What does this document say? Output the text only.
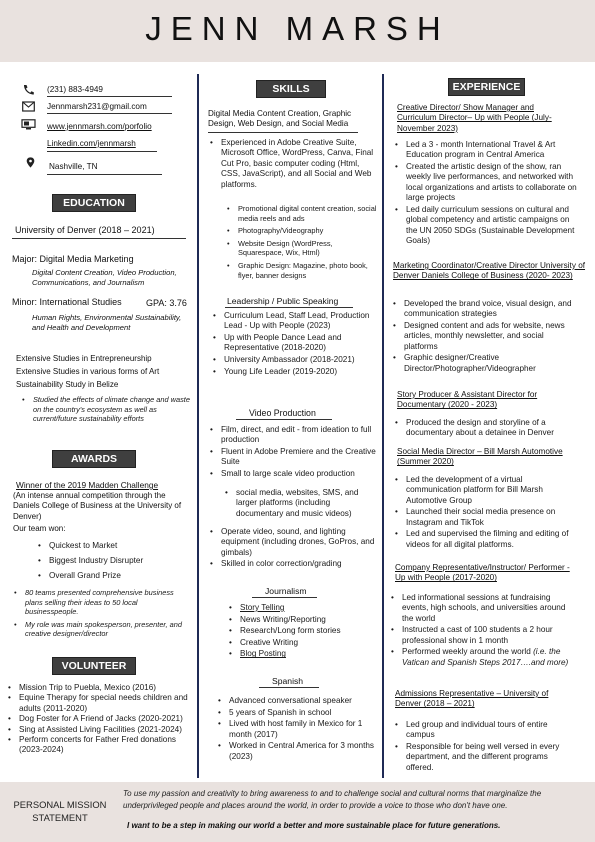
JENN MARSH
(231) 883-4949
Jennmarsh231@gmail.com
www.jennmarsh.com/porfolio
Linkedin.com/jennmarsh
Nashville, TN
EDUCATION
University of Denver (2018 – 2021)
Major: Digital Media Marketing
Digital Content Creation, Video Production, Communications, and Journalism
Minor: International Studies	GPA: 3.76
Human Rights, Environmental Sustainability, and Health and Development
Extensive Studies in Entrepreneurship
Extensive Studies in various forms of Art
Sustainability Study in Belize
• Studied the effects of climate change and waste on the country's ecosystem as well as current/future sustainability efforts
AWARDS
Winner of the 2019 Madden Challenge
(An intense annual competition through the Daniels College of Business at the University of Denver)
Our team won:
• Quickest to Market
• Biggest Industry Disrupter
• Overall Grand Prize
• 80 teams presented comprehensive business plans selling their ideas to 50 local businesspeople.
• My role was main spokesperson, presenter, and creative designer/director
VOLUNTEER
• Mission Trip to Puebla, Mexico (2016)
• Equine Therapy for special needs children and adults (2011-2020)
• Dog Foster for A Friend of Jacks (2020-2021)
• Sing at Assisted Living Facilities (2021-2024)
• Perform concerts for Father Fred donations (2023-2024)
SKILLS
Digital Media Content Creation, Graphic Design, Web Design, and Social Media
• Experienced in Adobe Creative Suite, Microsoft Office, WordPress, Canva, Final Cut Pro, basic computer coding (Html, CSS, JavaScript), and all Social and Web platforms.
• Promotional digital content creation, social media reels and ads
• Photography/Videography
• Website Design (WordPress, Squarespace, Wix, Html)
• Graphic Design: Magazine, photo book, flyer, banner designs
Leadership / Public Speaking
• Curriculum Lead, Staff Lead, Production Lead - Up with People (2023)
• Up with People Dance Lead and Representative (2018-2020)
• University Ambassador (2018-2021)
• Young Life Leader (2019-2020)
Video Production
• Film, direct, and edit - from ideation to full production
• Fluent in Adobe Premiere and the Creative Suite
• Small to large scale video production
• social media, websites, SMS, and larger platforms (including documentary and music videos)
• Operate video, sound, and lighting equipment (including drones, GoPros, and gimbals)
• Skilled in color correction/grading
Journalism
• Story Telling
• News Writing/Reporting
• Research/Long form stories
• Creative Writing
• Blog Posting
Spanish
• Advanced conversational speaker
• 5 years of Spanish in school
• Lived with host family in Mexico for 1 month (2017)
• Worked in Central America for 3 months (2023)
EXPERIENCE
Creative Director/ Show Manager and Curriculum Director– Up with People (July-November 2023)
• Led a 3 - month International Travel & Art Education program in Central America
• Created the artistic design of the show, ran weekly live performances, and networked with local organizations and artists to collaborate on large projects
• Led daily curriculum sessions on cultural and global competency and artistic campaigns on the UN 2050 SDGs (Sustainable Development Goals)
Marketing Coordinator/Creative Director University of Denver Daniels College of Business (2020- 2023)
• Developed the brand voice, visual design, and communication strategies
• Designed content and ads for website, news articles, monthly newsletter, and social platforms
• Graphic designer/Creative Director/Photographer/Videographer
Story Producer & Assistant Director for Documentary (2020 - 2023)
• Produced the design and storyline of a documentary about a detainee in Denver
Social Media Director – Bill Marsh Automotive (Summer 2020)
• Led the development of a virtual communication platform for Bill Marsh Automotive Group
• Launched their social media presence on Instagram and TikTok
• Led and supervised the filming and editing of videos for all digital platforms.
Company Representative/Instructor/ Performer - Up with People (2017-2020)
• Led informational sessions at fundraising events, high schools, and universities around the world
• Instructed a cast of 100 students a 2 hour professional show in 1 month
• Performed weekly around the world (i.e. the Vatican and Spanish Steps 2017….and more)
Admissions Representative – University of Denver (2018 – 2021)
• Led group and individual tours of entire campus
• Responsible for being well versed in every department, and the different programs offered.
PERSONAL MISSION STATEMENT
To use my passion and creativity to bring awareness to and to challenge social and cultural norms that marginalize the underprivileged people and places around the world, in order to provide a voice to those who don't have one.
I want to be a step in making our world a better and more sustainable place for future generations.
